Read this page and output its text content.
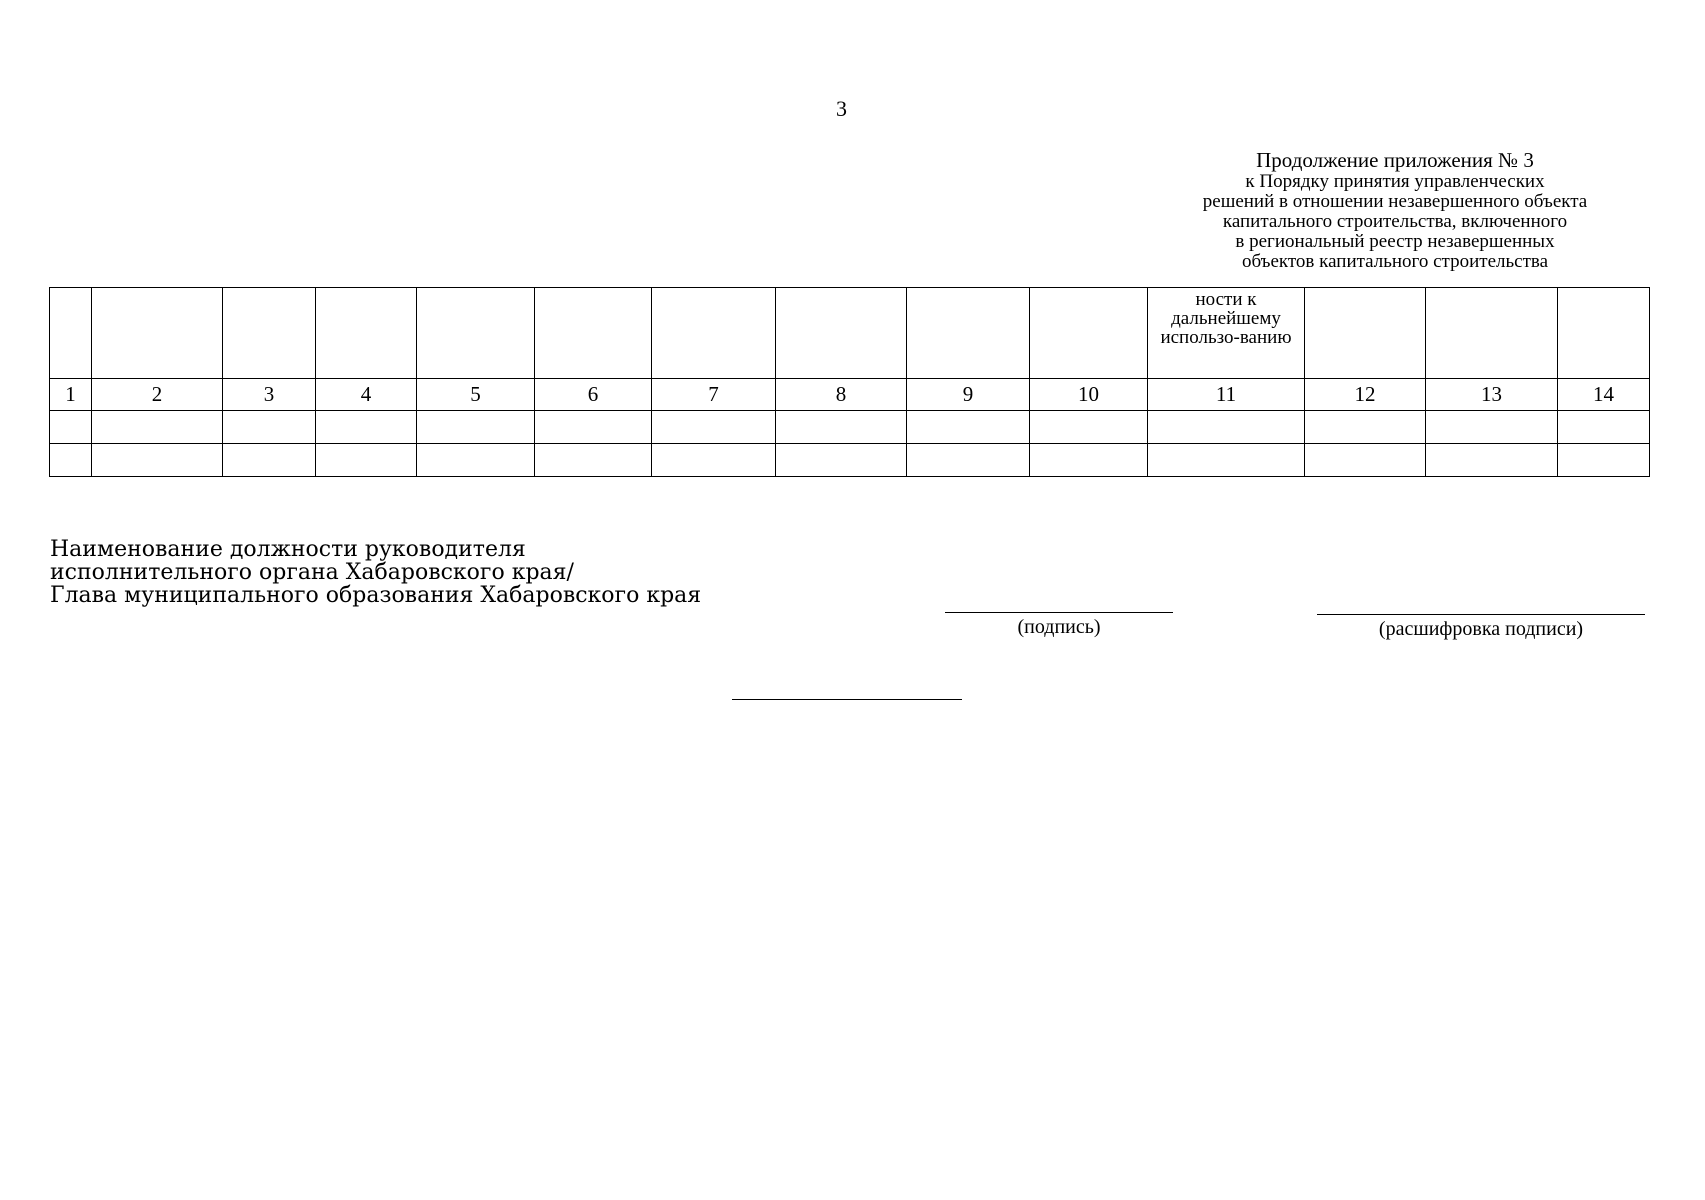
3
Продолжение приложения № 3
к Порядку принятия управленческих
решений в отношении незавершенного объекта
капитального строительства, включенного
в региональный реестр незавершенных
объектов капитального строительства
										ности к дальнейшему использо-ванию			
1	2	3	4	5	6	7	8	9	10	11	12	13	14

Наименование должности руководителя
исполнительного органа Хабаровского края/
Глава муниципального образования Хабаровского края
(подпись)	(расшифровка подписи)
